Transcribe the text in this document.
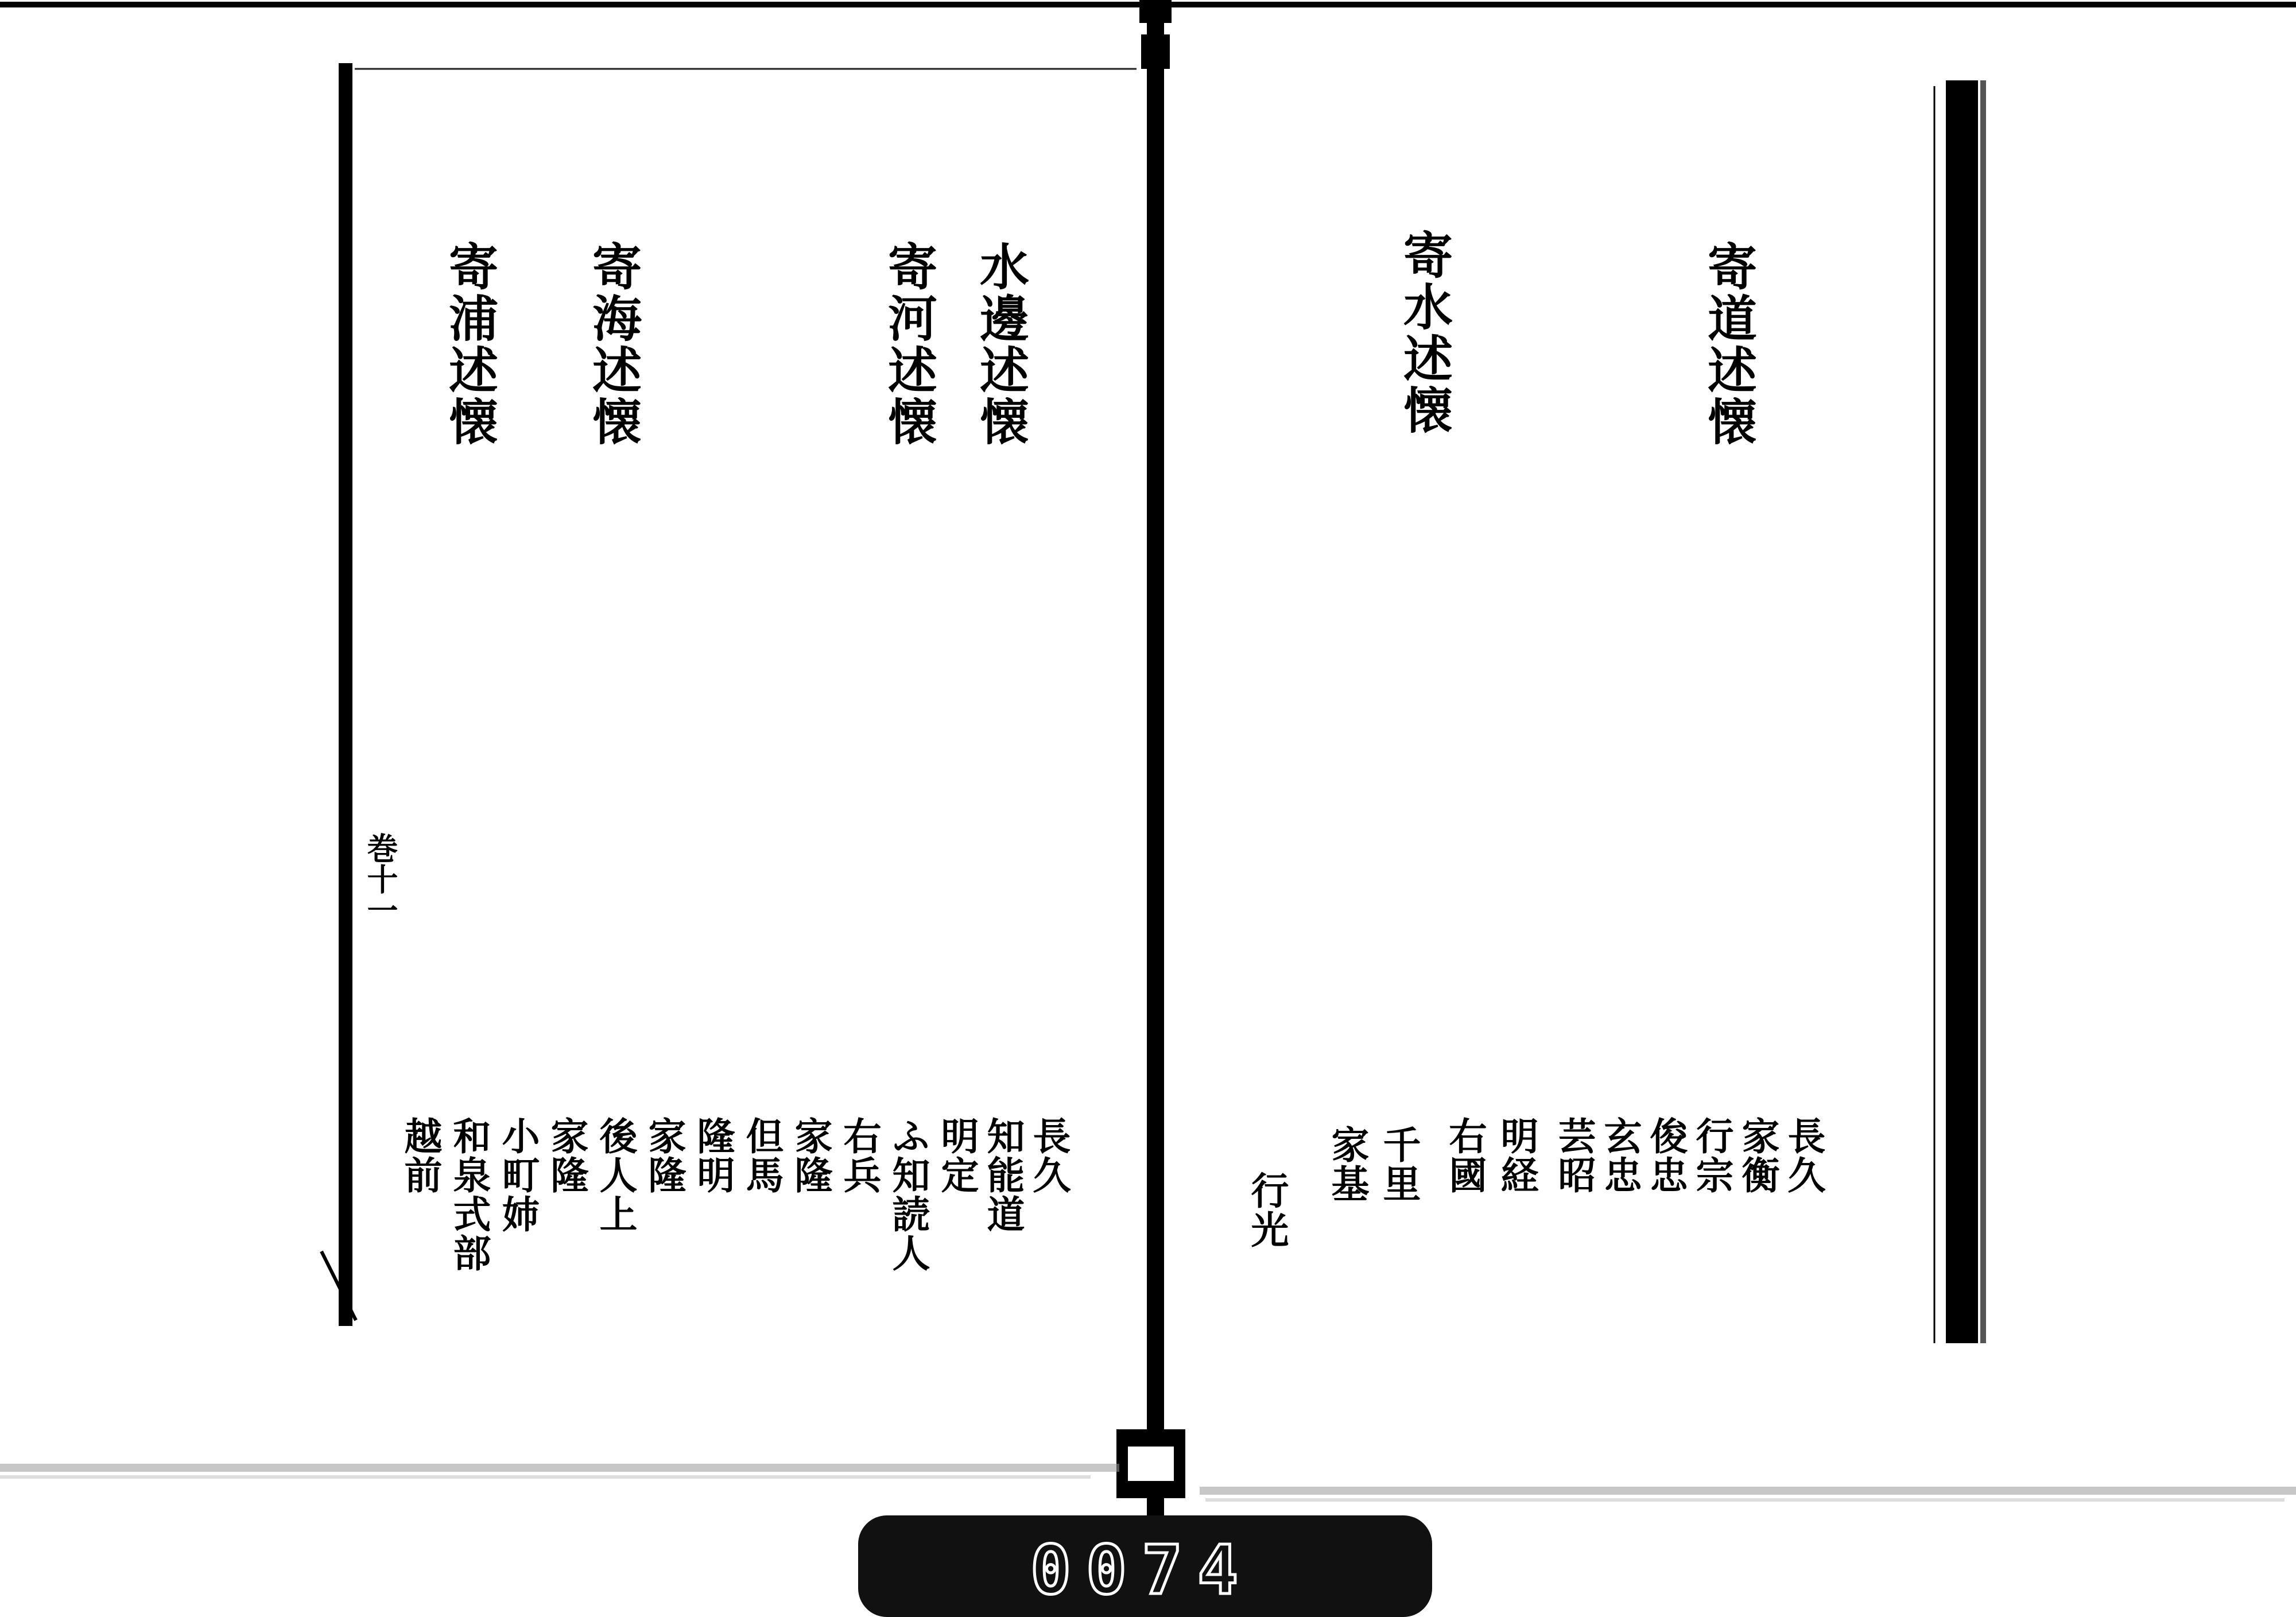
寄道述懐
寄水述懐
長久
家衡
行宗
俊忠
玄忠
芸昭
明経
右國
千里
家基
行光
水邊述懐
寄河述懐
寄海述懐
寄浦述懐
長久
知能道
明定
ふ知読人
右兵
家隆
但馬
隆明
家隆
後人上
家隆
小町姉
和泉式部
越前
巻十一
0074
